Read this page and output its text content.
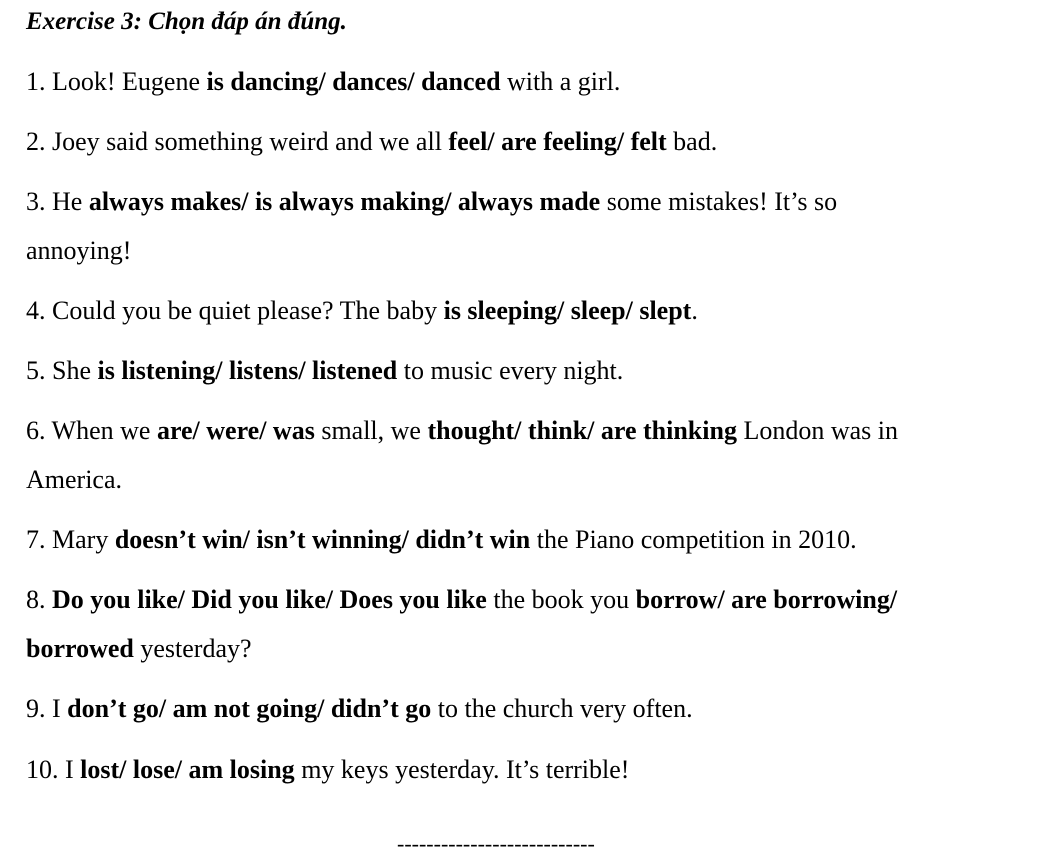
Exercise 3: Chọn đáp án đúng.
1. Look! Eugene is dancing/ dances/ danced with a girl.
2. Joey said something weird and we all feel/ are feeling/ felt bad.
3. He always makes/ is always making/ always made some mistakes! It’s so
annoying!
4. Could you be quiet please? The baby is sleeping/ sleep/ slept.
5. She is listening/ listens/ listened to music every night.
6. When we are/ were/ was small, we thought/ think/ are thinking London was in
America.
7. Mary doesn’t win/ isn’t winning/ didn’t win the Piano competition in 2010.
8. Do you like/ Did you like/ Does you like the book you borrow/ are borrowing/
borrowed yesterday?
9. I don’t go/ am not going/ didn’t go to the church very often.
10. I lost/ lose/ am losing my keys yesterday. It’s terrible!
---------------------------
